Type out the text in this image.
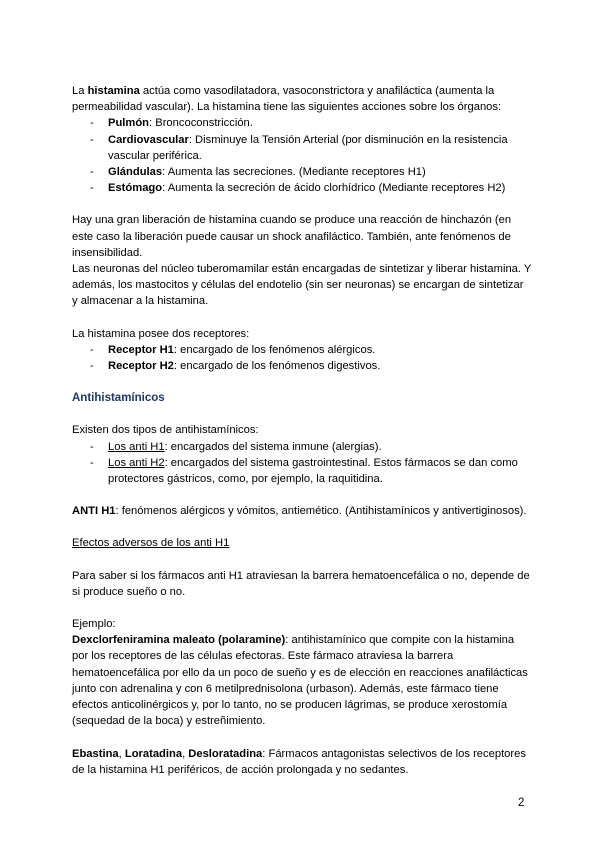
La histamina actúa como vasodilatadora, vasoconstrictora y anafiláctica (aumenta la permeabilidad vascular). La histamina tiene las siguientes acciones sobre los órganos:

- Pulmón: Broncoconstricción.
- Cardiovascular: Disminuye la Tensión Arterial (por disminución en la resistencia vascular periférica.
- Glándulas: Aumenta las secreciones. (Mediante receptores H1)
- Estómago: Aumenta la secreción de ácido clorhídrico (Mediante receptores H2)

Hay una gran liberación de histamina cuando se produce una reacción de hinchazón (en este caso la liberación puede causar un shock anafiláctico. También, ante fenómenos de insensibilidad.

Las neuronas del núcleo tuberomamilar están encargadas de sintetizar y liberar histamina. Y además, los mastocitos y células del endotelio (sin ser neuronas) se encargan de sintetizar y almacenar a la histamina.

La histamina posee dos receptores:

- Receptor H1: encargado de los fenómenos alérgicos.
- Receptor H2: encargado de los fenómenos digestivos.

Antihistamínicos

Existen dos tipos de antihistamínicos:

- Los anti H1: encargados del sistema inmune (alergias).
- Los anti H2: encargados del sistema gastrointestinal. Estos fármacos se dan como protectores gástricos, como, por ejemplo, la raquitidina.

ANTI H1: fenómenos alérgicos y vómitos, antiemético. (Antihistamínicos y antivertiginosos).

Efectos adversos de los anti H1

Para saber si los fármacos anti H1 atraviesan la barrera hematoencefálica o no, depende de si produce sueño o no.

Ejemplo:

Dexclorfeniramina maleato (polaramine): antihistamínico que compite con la histamina por los receptores de las células efectoras. Este fármaco atraviesa la barrera hematoencefálica por ello da un poco de sueño y es de elección en reacciones anafilácticas junto con adrenalina y con 6 metilprednisolona (urbason). Además, este fármaco tiene efectos anticolinérgicos y, por lo tanto, no se producen lágrimas, se produce xerostomía (sequedad de la boca) y estreñimiento.

Ebastina, Loratadina, Desloratadina: Fármacos antagonistas selectivos de los receptores de la histamina H1 periféricos, de acción prolongada y no sedantes.

2
